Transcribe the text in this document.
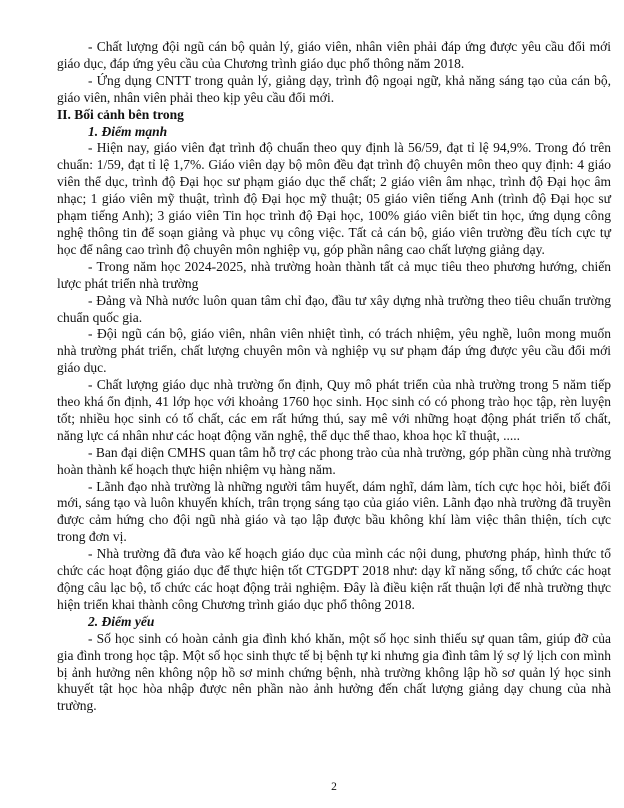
- Chất lượng đội ngũ cán bộ quản lý, giáo viên, nhân viên phải đáp ứng được yêu cầu đổi mới giáo dục, đáp ứng yêu cầu của Chương trình giáo dục phổ thông năm 2018.

- Ứng dụng CNTT trong quản lý, giảng dạy, trình độ ngoại ngữ, khả năng sáng tạo của cán bộ, giáo viên, nhân viên phải theo kịp yêu cầu đổi mới.

II. Bối cảnh bên trong

1. Điểm mạnh

- Hiện nay, giáo viên đạt trình độ chuẩn theo quy định là 56/59, đạt tỉ lệ 94,9%. Trong đó trên chuẩn: 1/59, đạt tỉ lệ 1,7%. Giáo viên dạy bộ môn đều đạt trình độ chuyên môn theo quy định: 4 giáo viên thể dục, trình độ Đại học sư phạm giáo dục thể chất; 2 giáo viên âm nhạc, trình độ Đại học âm nhạc; 1 giáo viên mỹ thuật, trình độ Đại học mỹ thuật; 05 giáo viên tiếng Anh (trình độ Đại học sư phạm tiếng Anh); 3 giáo viên Tin học trình độ Đại học, 100% giáo viên biết tin học, ứng dụng công nghệ thông tin để soạn giảng và phục vụ công việc. Tất cả cán bộ, giáo viên trường đều tích cực tự học để nâng cao trình độ chuyên môn nghiệp vụ, góp phần nâng cao chất lượng giảng dạy.

- Trong năm học 2024-2025, nhà trường hoàn thành tất cả mục tiêu theo phương hướng, chiến lược phát triển nhà trường

- Đảng và Nhà nước luôn quan tâm chỉ đạo, đầu tư xây dựng nhà trường theo tiêu chuẩn trường chuẩn quốc gia.

- Đội ngũ cán bộ, giáo viên, nhân viên nhiệt tình, có trách nhiệm, yêu nghề, luôn mong muốn nhà trường phát triển, chất lượng chuyên môn và nghiệp vụ sư phạm đáp ứng được yêu cầu đổi mới giáo dục.

- Chất lượng giáo dục nhà trường ổn định, Quy mô phát triển của nhà trường trong 5 năm tiếp theo khá ổn định, 41 lớp học với khoảng 1760 học sinh. Học sinh có có phong trào học tập, rèn luyện tốt; nhiều học sinh có tố chất, các em rất hứng thú, say mê với những hoạt động phát triển tố chất, năng lực cá nhân như các hoạt động văn nghệ, thể dục thể thao, khoa học kĩ thuật, .....

- Ban đại diện CMHS quan tâm hỗ trợ các phong trào của nhà trường, góp phần cùng nhà trường hoàn thành kế hoạch thực hiện nhiệm vụ hàng năm.

- Lãnh đạo nhà trường là những người tâm huyết, dám nghĩ, dám làm, tích cực học hỏi, biết đổi mới, sáng tạo và luôn khuyến khích, trân trọng sáng tạo của giáo viên. Lãnh đạo nhà trường đã truyền được cảm hứng cho đội ngũ nhà giáo và tạo lập được bầu không khí làm việc thân thiện, tích cực trong đơn vị.

- Nhà trường đã đưa vào kế hoạch giáo dục của mình các nội dung, phương pháp, hình thức tổ chức các hoạt động giáo dục để thực hiện tốt CTGDPT 2018 như: dạy kĩ năng sống, tổ chức các hoạt động câu lạc bộ, tổ chức các hoạt động trải nghiệm. Đây là điều kiện rất thuận lợi để nhà trường thực hiện triển khai thành công Chương trình giáo dục phổ thông 2018.

2. Điểm yếu

- Số học sinh có hoàn cảnh gia đình khó khăn, một số học sinh thiếu sự quan tâm, giúp đỡ của gia đình trong học tập. Một số học sinh thực tế bị bệnh tự ki nhưng gia đình tâm lý sợ lý lịch con mình bị ảnh hưởng nên không nộp hồ sơ minh chứng bệnh, nhà trường không lập hồ sơ quản lý học sinh khuyết tật học hòa nhập được nên phần nào ảnh hưởng đến chất lượng giảng dạy chung của nhà trường.

2
